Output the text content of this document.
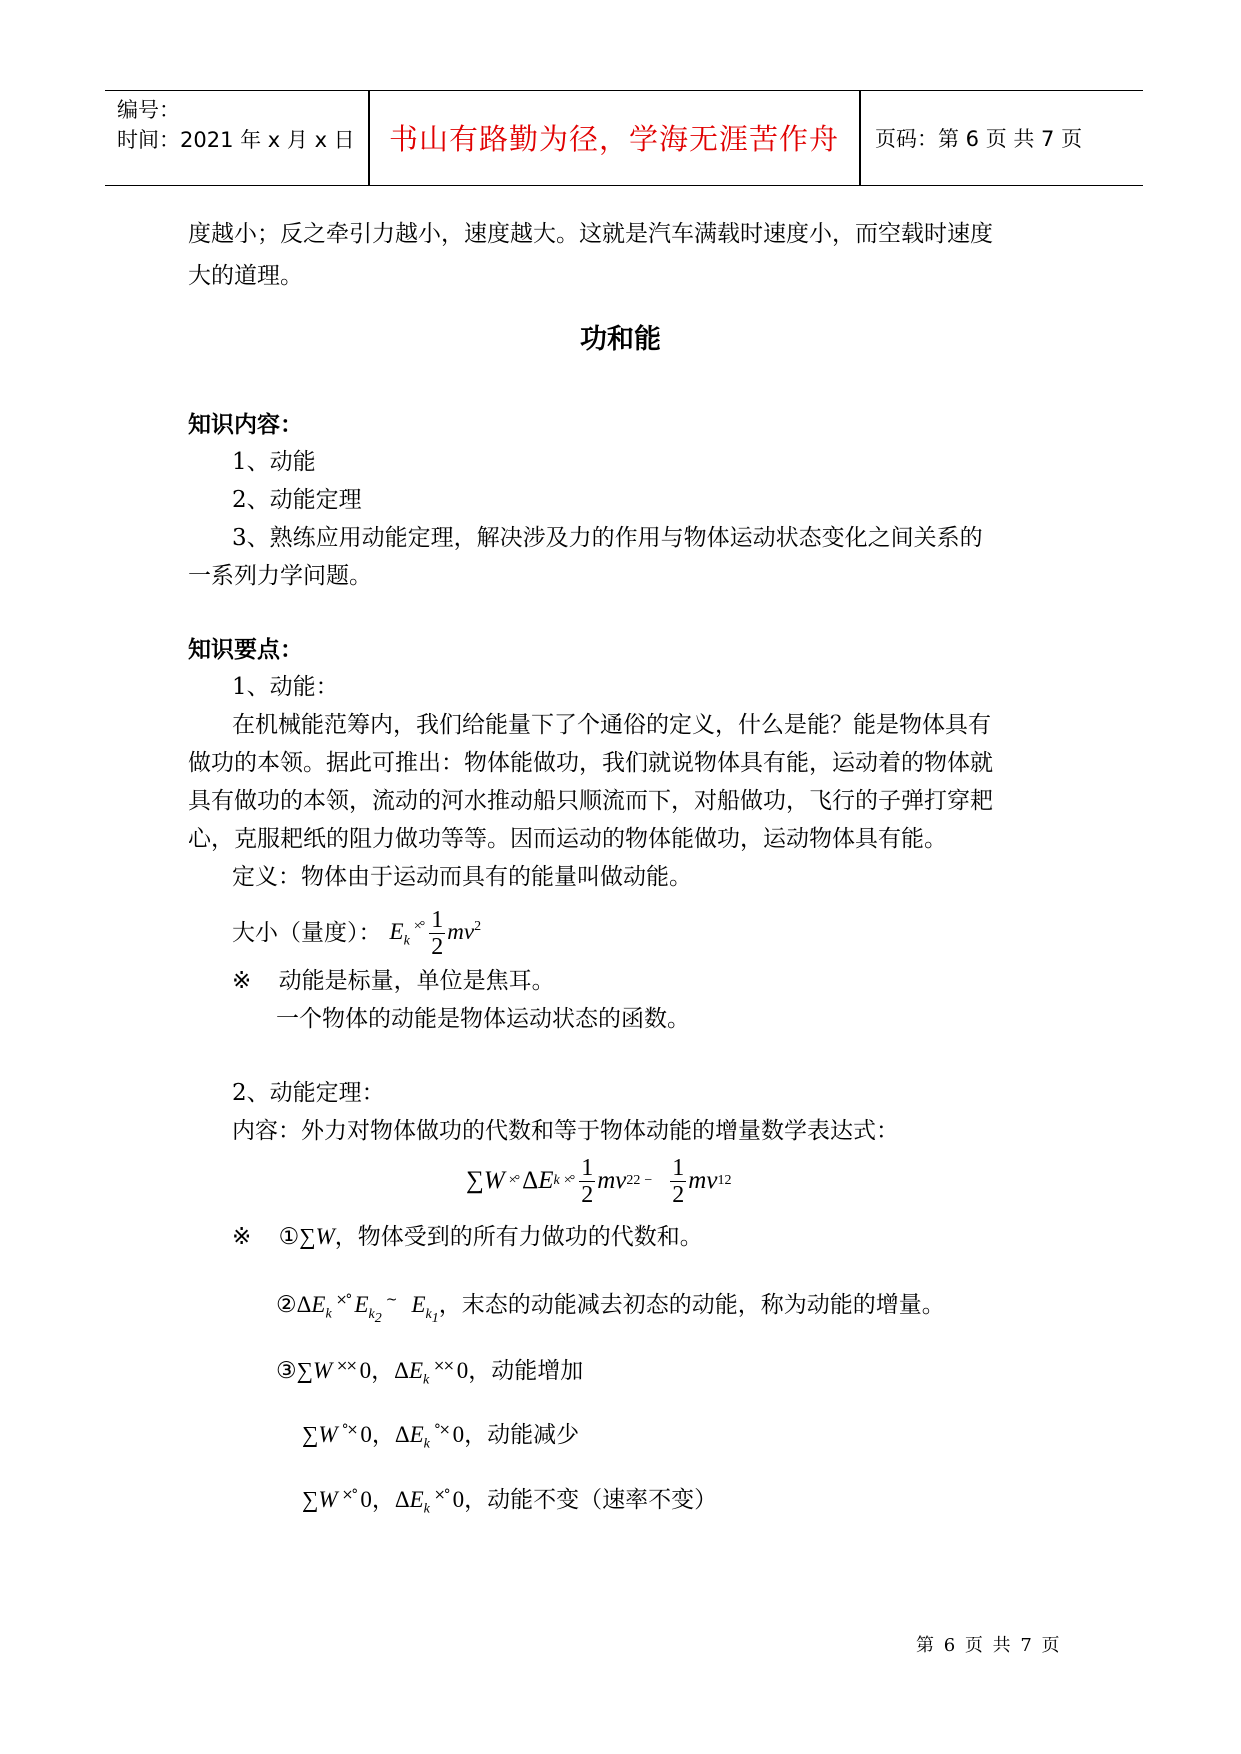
编号：
时间：2021 年 x 月 x 日	书山有路勤为径，学海无涯苦作舟	页码：第 6 页 共 7 页
度越小；反之牵引力越小，速度越大。这就是汽车满载时速度小，而空载时速度
大的道理。
功和能
知识内容：
1、动能
2、动能定理
3、熟练应用动能定理，解决涉及力的作用与物体运动状态变化之间关系的
一系列力学问题。
知识要点：
1、动能：
在机械能范筹内，我们给能量下了个通俗的定义，什么是能？能是物体具有
做功的本领。据此可推出：物体能做功，我们就说物体具有能，运动着的物体就
具有做功的本领，流动的河水推动船只顺流而下，对船做功，飞行的子弹打穿耙
心，克服耙纸的阻力做功等等。因而运动的物体能做功，运动物体具有能。
定义：物体由于运动而具有的能量叫做动能。
大小（量度）： $E_k^{\times^\circ} \frac{1}{2} mv^2$
※ 动能是标量，单位是焦耳。
一个物体的动能是物体运动状态的函数。
2、动能定理：
内容：外力对物体做功的代数和等于物体动能的增量数学表达式：
∑ W ×° Δ E k ×° $\frac{1}{2}$ mv 2 $2 - \frac{1}{2}$ mv 1 2
※ ①∑W，物体受到的所有力做功的代数和。
$②\Delta E_k^{\times^\circ}$ $E_{k_2}^\sim$ $E_{k_1}$，末态的动能减去初态的动能，称为动能的增量。
③∑W ×× 0，$\Delta E_k^{\times\times}$ 0，动能增加
∑W °× 0，$\Delta E_k^{^\circ\times}$ 0，动能减少
∑W ×° 0，$\Delta E_k^{\times^\circ}$ 0，动能不变（速率不变）
第 6 页 共 7 页
